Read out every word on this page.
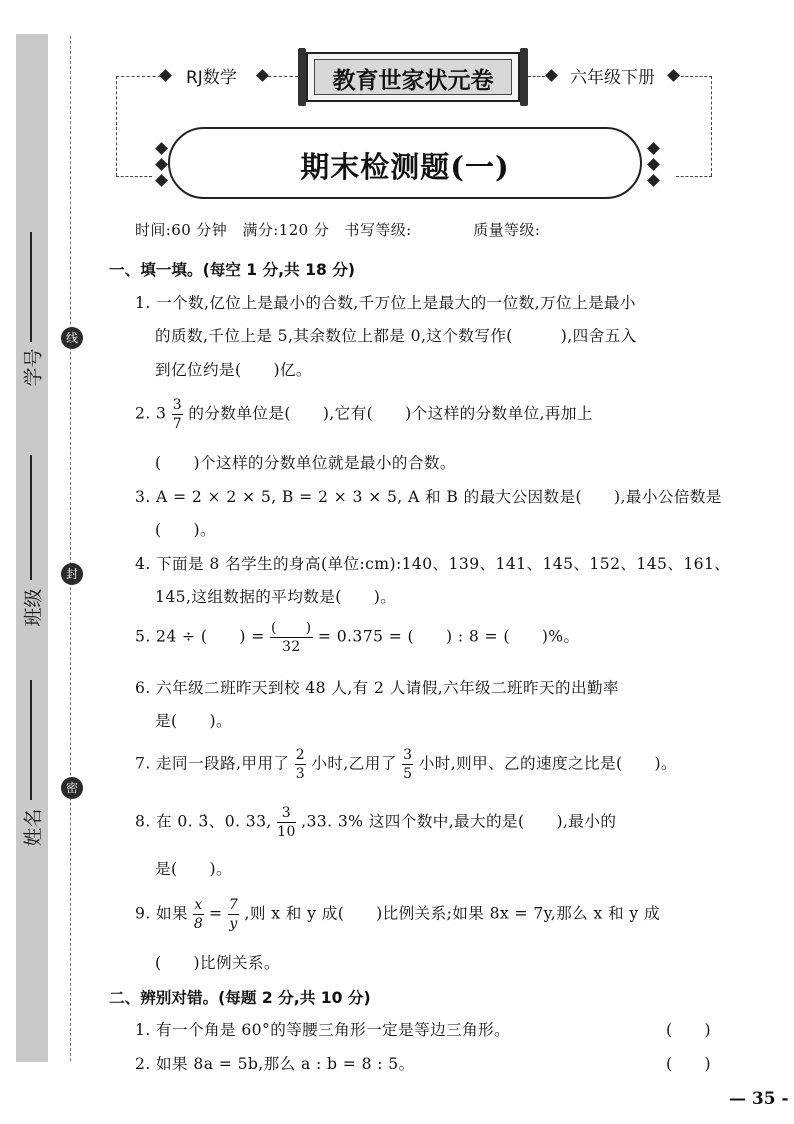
学号
班级
姓名
线
封
密
RJ数学	教育世家状元卷	六年级下册
期末检测题(一)
时间:60 分钟　满分:120 分　书写等级:　　　　质量等级:
一、填一填。(每空 1 分,共 18 分)
1. 一个数,亿位上是最小的合数,千万位上是最大的一位数,万位上是最小
的质数,千位上是 5,其余数位上都是 0,这个数写作(　　　),四舍五入
到亿位约是(　　)亿。
2. $3 \frac{3}{7}$ 的分数单位是(　　),它有(　　)个这样的分数单位,再加上
(　　)个这样的分数单位就是最小的合数。
3. A = 2 × 2 × 5, B = 2 × 3 × 5, A 和 B 的最大公因数是(　　),最小公倍数是
(　　)。
4. 下面是 8 名学生的身高(单位:cm):140、139、141、145、152、145、161、
145,这组数据的平均数是(　　)。
5. 24 ÷ (　　) = $\frac{( )}{32} = 0.375$ = (　　) : 8 = (　　)%。
6. 六年级二班昨天到校 48 人,有 2 人请假,六年级二班昨天的出勤率
是(　　)。
7. 走同一段路,甲用了 $\frac{2}{3}$ 小时,乙用了 $\frac{3}{5}$ 小时,则甲、乙的速度之比是(　　)。
8. 在 0. 3̇、0. 33, $\frac{3}{10} ,33$. 3% 这四个数中,最大的是(　　),最小的
是(　　)。
9. 如果 $\frac{x}{8} = \frac{7}{y}$ ,则 x 和 y 成(　　)比例关系;如果 8x = 7y,那么 x 和 y 成
(　　)比例关系。
二、辨别对错。(每题 2 分,共 10 分)
1. 有一个角是 60°的等腰三角形一定是等边三角形。	(　　)
2. 如果 8a = 5b,那么 a : b = 8 : 5。	(　　)
— 35 -
